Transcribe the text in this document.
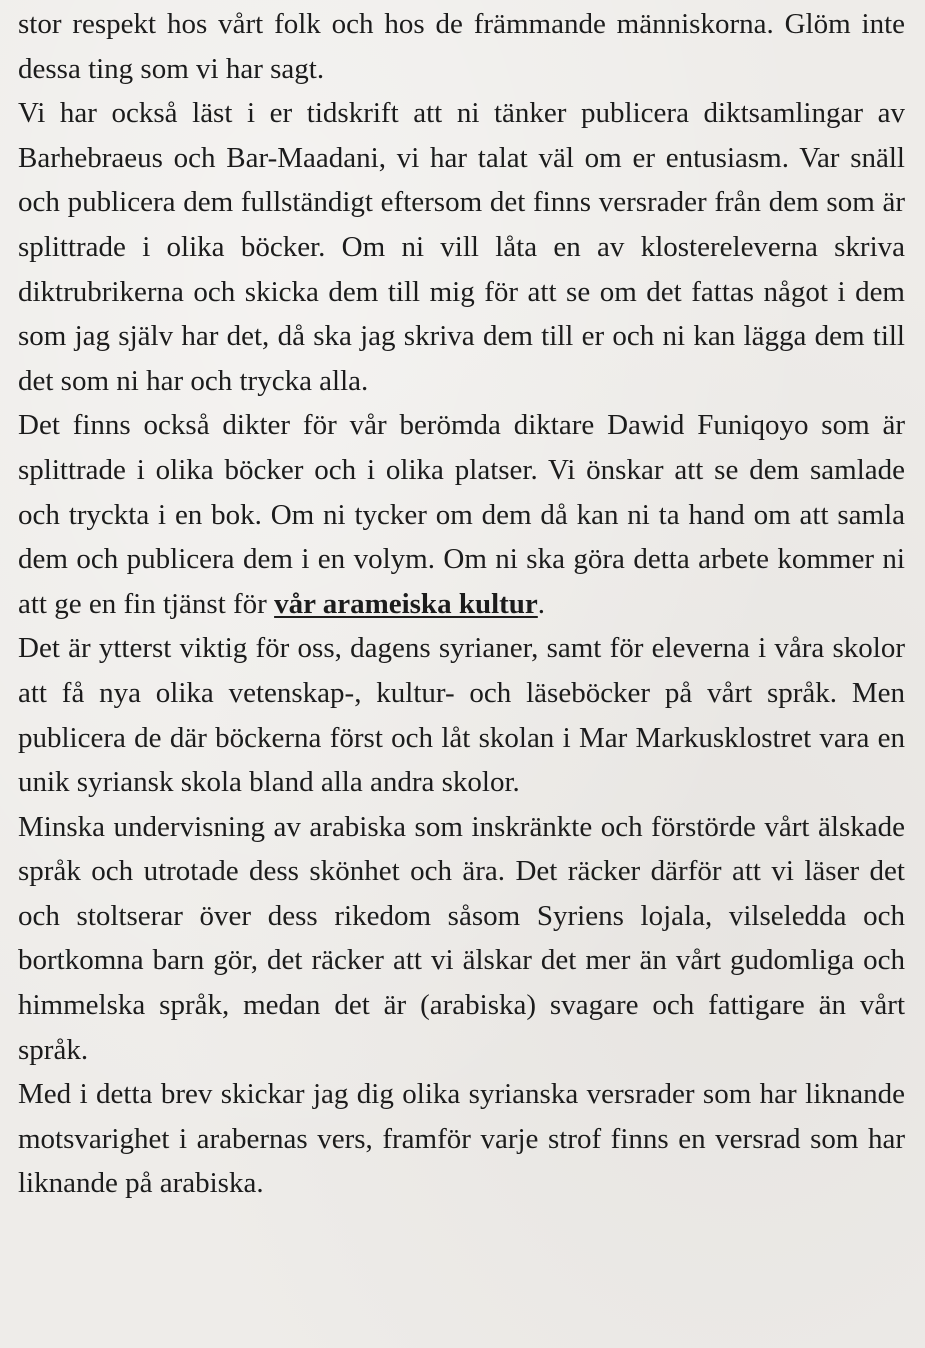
stor respekt hos vårt folk och hos de främmande människorna. Glöm inte dessa ting som vi har sagt.

Vi har också läst i er tidskrift att ni tänker publicera diktsamlingar av Barhebraeus och Bar-Maadani, vi har talat väl om er entusiasm. Var snäll och publicera dem fullständigt eftersom det finns versrader från dem som är splittrade i olika böcker. Om ni vill låta en av klostereleverna skriva diktrubrikerna och skicka dem till mig för att se om det fattas något i dem som jag själv har det, då ska jag skriva dem till er och ni kan lägga dem till det som ni har och trycka alla.

Det finns också dikter för vår berömda diktare Dawid Funiqoyo som är splittrade i olika böcker och i olika platser. Vi önskar att se dem samlade och tryckta i en bok. Om ni tycker om dem då kan ni ta hand om att samla dem och publicera dem i en volym. Om ni ska göra detta arbete kommer ni att ge en fin tjänst för vår arameiska kultur.

Det är ytterst viktig för oss, dagens syrianer, samt för eleverna i våra skolor att få nya olika vetenskap-, kultur- och läseböcker på vårt språk. Men publicera de där böckerna först och låt skolan i Mar Markusklostret vara en unik syriansk skola bland alla andra skolor.

Minska undervisning av arabiska som inskränkte och förstörde vårt älskade språk och utrotade dess skönhet och ära. Det räcker därför att vi läser det och stoltserar över dess rikedom såsom Syriens lojala, vilseledda och bortkomna barn gör, det räcker att vi älskar det mer än vårt gudomliga och himmelska språk, medan det är (arabiska) svagare och fattigare än vårt språk.

Med i detta brev skickar jag dig olika syrianska versrader som har liknande motsvarighet i arabernas vers, framför varje strof finns en versrad som har liknande på arabiska.
